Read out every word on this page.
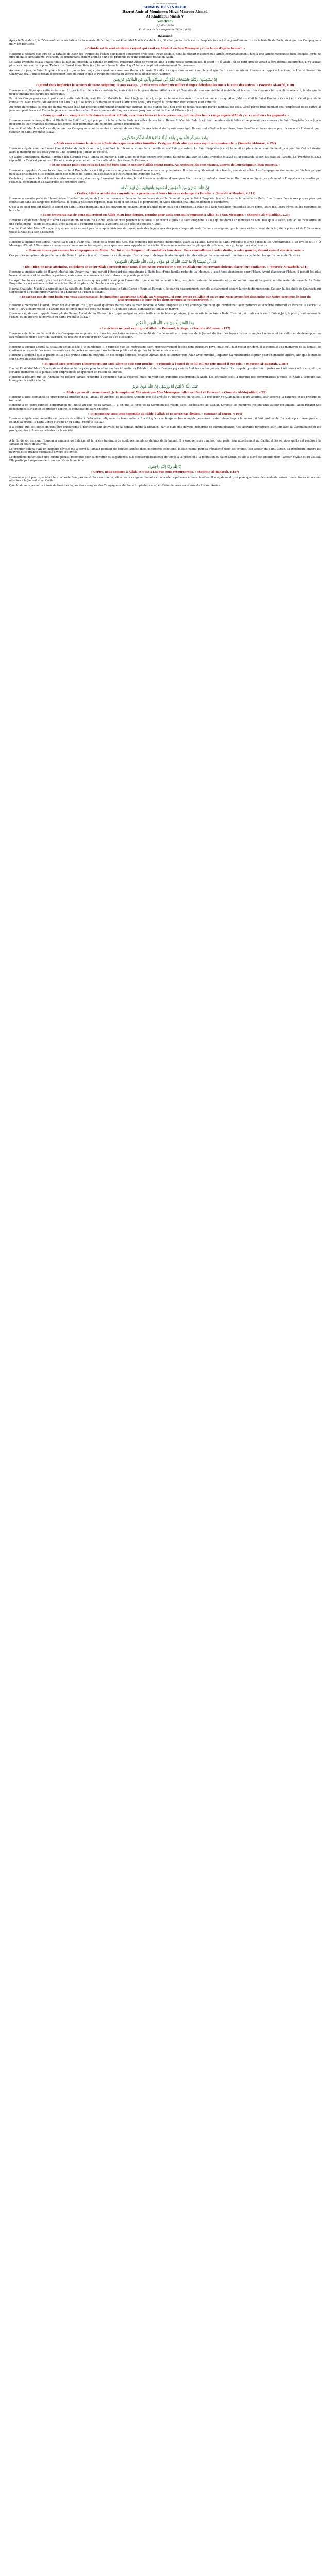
(à lire et/ou à méditer)
SERMON DE VENDREDI
Hazrat Amir ul Momineen Mirza Masroor Ahmad
Al Khalifatul Masih V
Vendredi
3 Juillet 2020
En direct de la mosquée de Tilford (UK)
Résumé

Après le Tashahhud, le Ta'awwudh et la récitation de la sourate Al-Fatiha, Hazrat Khalifatul Masih V a déclaré qu'il allait parler de la vie du Prophète (s.a.w.) et aujourd'hui encore de la bataille de Badr, ainsi que des Compagnons qui y ont participé.

« Celui-là est le seul véritable croyant qui croit en Allah et en Son Messager ; et en la vie d'après la mort. »

Houzour a déclaré que lors de la bataille de Badr, les troupes de l'Islam comptaient seulement trois cent treize soldats, dont la plupart n'étaient pas armés convenablement, face à une armée mecquoise bien équipée, forte de près de mille combattants. Pourtant, les musulmans étaient animés d'une foi profonde et d'une confiance totale en Allah.

Le Saint Prophète (s.a.w.) passa toute la nuit qui précéda la bataille en prières, implorant Allah de venir en aide à cette petite communauté. Il disait : « Ô Allah ! Si ce petit groupe venait à être détruit aujourd'hui, il n'y aurait plus personne sur terre pour T'adorer. » Hazrat Abou Bakr (r.a.) le consola en lui disant qu'Allah accomplirait certainement Sa promesse.

Au lever du jour, le Saint Prophète (s.a.w.) organisa les rangs des musulmans avec une flèche à la main. Il veilla à ce que chacun soit à sa place et que l'ordre soit maintenu. Houzour a rapporté l'incident de Hazrat Sawad bin Ghaziyyah (r.a.), qui se tenait légèrement hors du rang et que le Prophète toucha au ventre de sa flèche pour l'aligner.

إِذْ تَسْتَغِيثُونَ رَبَّكُمْ فَاسْتَجَابَ لَكُمْ أَنِّي مُمِدُّكُم بِأَلْفٍ مِّنَ الْمَلَائِكَةِ مُرْدِفِينَ
« Quand vous imploriez le secours de votre Seigneur, Il vous exauça : Je vais vous aider d'un millier d'anges déferlant les uns à la suite des autres. » (Sourate Al-Anfal, v.10)

Houzour a expliqué que cette victoire ne fut pas le fruit de la force matérielle, mais celui de la grâce divine. Allah a envoyé Son aide de manière visible et invisible, et le cœur des croyants fut rempli de sérénité, tandis que la peur s'empara des cœurs des mécréants.

Parmi les Compagnons ayant participé à cette bataille figurait Hazrat Mu'adh bin Amr bin Jamuh (r.a.), un jeune homme des Ansar. Il avait entendu dire qu'Abou Jahl insultait le Saint Prophète (s.a.w.) et il s'était juré de le combattre. Avec Hazrat Mu'awwidh bin Afra (r.a.), il se lança à l'attaque et réussit à atteindre Abou Jahl malgré la protection dont celui-ci était entouré.

Au cours du combat, le bras de Hazrat Mu'adh (r.a.) fut presque entièrement tranché par Ikrimah, le fils d'Abou Jahl. Son bras ne tenait plus que par un lambeau de peau. Gêné par ce bras pendant qui l'empêchait de se battre, il posa son pied dessus et l'arracha pour continuer le combat. Il vécut encore de longues années, jusqu'au califat de Hazrat Othman (r.a.).

« Ceux qui ont cru, émigré et lutté dans le sentier d'Allah, avec leurs biens et leurs personnes, ont les plus hauts rangs auprès d'Allah ; et ce sont eux les gagnants. »

Houzour a ensuite évoqué Hazrat Khallad bin Rafi' (r.a.), qui prit part à la bataille de Badr aux côtés de son frère Hazrat Rifa'ah bin Rafi' (r.a.). Leur monture était faible et ne pouvait pas avancer ; le Saint Prophète (s.a.w.) pria pour eux et leur chameau retrouva des forces, leur permettant de rejoindre l'armée musulmane.

Hazrat Khalifatul Masih V a souligné que ces Compagnons ont démontré un niveau de sacrifice, de sincérité et de loyauté sans égal. Ils ont tout offert — leurs biens, leurs familles et leurs vies — pour la cause de l'Islam et pour l'amour du Saint Prophète (s.a.w.).

وَلَقَدْ نَصَرَكُمُ اللَّهُ بِبَدْرٍ وَأَنتُمْ أَذِلَّةٌ فَاتَّقُوا اللَّهَ لَعَلَّكُمْ تَشْكُرُونَ
« Allah vous a donné la victoire à Badr alors que vous étiez humiliés. Craignez Allah afin que vous soyez reconnaissants. » (Sourate Al-Imran, v.124)

Houzour a également mentionné Hazrat Qatadah bin Nu'man (r.a.), dont l'œil fut blessé au cours de la bataille et sortit de son orbite. Le Saint Prophète (s.a.w.) le remit en place de sa main bénie et pria pour lui. Cet œil devint alors le meilleur de ses deux yeux et il ne souffrit plus jamais de ce côté.

Un autre Compagnon, Hazrat Harithah bin Suraqah (r.a.), tomba en martyr à Badr alors qu'il était encore très jeune. Sa mère vint voir le Saint Prophète (s.a.w.) et lui demanda si son fils était au Paradis. Le Prophète (s.a.w.) répondit : « Ce n'est pas un seul Paradis, mais plusieurs, et ton fils a atteint le plus élevé, le Firdaus. »

« Et ne pensez point que ceux qui ont été tués dans le sentier d'Allah soient morts. Au contraire, ils sont vivants, auprès de leur Seigneur, bien pourvus. »

Houzour a rappelé qu'après la victoire, le Saint Prophète (s.a.w.) fit preuve d'une grande bienveillance envers les prisonniers. Il ordonna qu'ils soient bien traités, nourris et vêtus. Les Compagnons donnaient parfois leur propre pain aux prisonniers et se contentaient eux-mêmes de dattes, en obéissance à l'instruction du Prophète (s.a.w.).

Certains prisonniers furent libérés contre une rançon ; d'autres, qui savaient lire et écrire, furent libérés à condition d'enseigner l'écriture à dix enfants musulmans. Houzour a souligné que cela montre l'importance accordée par l'Islam à l'éducation et au savoir dès ses premiers jours.

إِنَّ اللَّهَ اشْتَرَىٰ مِنَ الْمُؤْمِنِينَ أَنفُسَهُمْ وَأَمْوَالَهُم بِأَنَّ لَهُمُ الْجَنَّةَ
« Certes, Allah a acheté des croyants leurs personnes et leurs biens en échange du Paradis. » (Sourate At-Tawbah, v.111)

Houzour a ensuite parlé de Hazrat Abou Ubaidah bin al-Jarrah (r.a.), surnommé « l'homme de confiance de cette Oummah » par le Saint Prophète (s.a.w.). Lors de la bataille de Badr, il se trouva face à son propre père qui combattait dans les rangs des mécréants. Il l'évita à plusieurs reprises, mais celui-ci continua à le poursuivre, et Abou Ubaidah (r.a.) dut finalement le combattre.

C'est à ce sujet que fut révélé le verset du Saint Coran indiquant que les croyants ne peuvent avoir d'amitié pour ceux qui s'opposent à Allah et à Son Messager, fussent-ils leurs pères, leurs fils, leurs frères ou les membres de leur clan.

« Tu ne trouveras pas de gens qui croient en Allah et au Jour dernier, prendre pour amis ceux qui s'opposent à Allah et à Son Messager. » (Sourate Al-Mujadilah, v.23)

Houzour a également évoqué Hazrat Ukkashah bin Mihsan (r.a.), dont l'épée se brisa pendant la bataille. Il se rendit auprès du Saint Prophète (s.a.w.) qui lui donna un morceau de bois. Dès qu'il le saisit, celui-ci se transforma en une épée longue, solide et brillante, avec laquelle il combattit jusqu'à la victoire. Cette épée fut appelée Al-Aun.

Hazrat Khalifatul Masih V a ajouté que ces récits ne sont pas de simples histoires du passé, mais des leçons vivantes pour chaque Ahmadi. Ils nous enseignent que la vraie victoire vient de la foi, de la prière et de l'obéissance totale à Allah et à Son Messager.

Houzour a ensuite mentionné Hazrat Sa'd bin Mu'adh (r.a.), chef de la tribu des Aws, qui prononça des paroles mémorables avant la bataille. Lorsque le Saint Prophète (s.a.w.) consulta les Compagnons, il se leva et dit : « Ô Messager d'Allah ! Nous avons cru en vous et nous avons témoigné que ce que vous avez apporté est la vérité. Si vous nous ordonnez de plonger dans la mer, nous y plongerons avec vous. »

« Nous ne dirons pas comme les compagnons de Moïse : Va, toi et ton Seigneur, et combattez tous deux. Nous combattrons à votre droite, à votre gauche, devant vous et derrière vous. »

Ces paroles remplirent de joie le cœur du Saint Prophète (s.a.w.). Houzour a expliqué que c'est cet esprit de loyauté absolue qui a fait de cette petite communauté une force capable de changer le cours de l'histoire.

قُل لَّن يُصِيبَنَا إِلَّا مَا كَتَبَ اللَّهُ لَنَا هُوَ مَوْلَانَا وَعَلَى اللَّهِ فَلْيَتَوَكَّلِ الْمُؤْمِنُونَ
« Dis : Rien ne nous atteindra, en dehors de ce qu'Allah a prescrit pour nous. Il est notre Protecteur. C'est en Allah que les croyants doivent placer leur confiance. » (Sourate At-Tawbah, v.51)

Houzour a ensuite parlé de Hazrat Mus'ab bin Umair (r.a.), qui portait l'étendard des musulmans à Badr. Issu d'une famille riche de La Mecque, il avait tout abandonné pour l'Islam. Avant d'accepter l'Islam, il portait les plus beaux vêtements et les meilleurs parfums, mais après sa conversion il vécut dans une grande pauvreté.

Lorsqu'il tomba en martyr plus tard à Ouhoud, on ne trouva qu'un petit linceul pour l'ensevelir : quand on lui couvrait la tête, ses pieds restaient découverts, et quand on lui couvrait les pieds, sa tête restait découverte. Le Saint Prophète (s.a.w.) ordonna de lui couvrir la tête et de placer de l'herbe sur ses pieds.

Hazrat Khalifatul Masih V a rappelé que la bataille de Badr a été appelée dans le Saint Coran « Yaum al-Furqan », le jour du discernement, car elle a clairement séparé la vérité du mensonge. Ce jour-là, les chefs de Qouraich qui s'opposaient à l'Islam furent vaincus, et l'honneur de l'Islam fut établi.

« Et sachez que de tout butin que vous avez ramassé, le cinquième appartient à Allah, au Messager... si vous croyez en Allah et en ce que Nous avons fait descendre sur Notre serviteur, le jour du Discernement : le jour où les deux groupes se rencontrèrent. »

Houzour a mentionné Hazrat Umair bin Al-Humam (r.a.), qui avait quelques dattes dans la main lorsque le Saint Prophète (s.a.w.) annonça que celui qui combattrait avec patience et sincérité entrerait au Paradis. Il s'écria : « Quoi ! Il n'y a entre moi et le Paradis que le temps que ces gens me tuent ? » Il jeta les dattes, combattit et tomba en martyr.

Houzour a également rappelé l'exemple de Hazrat Abdullah bin Mas'oud (r.a.), qui, malgré sa petite taille et sa faiblesse physique, joua un rôle important à Badr. C'est lui qui confirma la mort d'Abou Jahl, le plus grand ennemi de l'Islam, et en apporta la nouvelle au Saint Prophète (s.a.w.).

وَمَا النَّصْرُ إِلَّا مِنْ عِندِ اللَّهِ الْعَزِيزِ الْحَكِيمِ
« La victoire ne peut venir que d'Allah, le Puissant, le Sage. » (Sourate Al-Imran, v.127)

Houzour a déclaré que le récit de ces Compagnons se poursuivra dans les prochains sermons, Incha-Allah. Il a demandé aux membres de la Jamaat de tirer des leçons de ces exemples lumineux et de s'efforcer de développer en eux-mêmes le même esprit de sacrifice, de loyauté et d'amour pour Allah et Son Messager.

Houzour a ensuite abordé la situation actuelle liée à la pandémie. Il a rappelé que les restrictions sont progressivement levées dans plusieurs pays, mais qu'il faut rester prudent. Il a conseillé aux membres de la Jamaat de continuer à respecter les mesures sanitaires, de porter un masque dans les lieux publics et de garder la distance nécessaire.

Houzour a souligné que la prière est la plus grande arme du croyant. En ces temps difficiles, chaque Ahmadi doit se tourner vers Allah avec humilité, implorer Sa miséricorde et prier pour l'humanité entière, afin que le monde soit délivré de cette épidémie.

« Et quand Mes serviteurs t'interrogent sur Moi, alors Je suis tout proche : Je réponds à l'appel de celui qui Me prie quand il Me prie. » (Sourate Al-Baqarah, v.187)

Hazrat Khalifatul Masih V a également demandé de prier pour la situation des Ahmadis au Pakistan et dans d'autres pays où ils font face à des persécutions. Il a rappelé que des lois injustes sont utilisées contre eux, et que certains membres de la Jamaat sont emprisonnés uniquement en raison de leur foi.

Houzour a déclaré que les Ahmadis ne doivent jamais répondre à l'injustice par la violence, mais doivent s'en remettre entièrement à Allah. Les épreuves sont la marque des communautés divines, et Allah a toujours fait triompher la vérité à la fin.

كَتَبَ اللَّهُ لَأَغْلِبَنَّ أَنَا وَرُسُلِي إِنَّ اللَّهَ قَوِيٌّ عَزِيزٌ
« Allah a prescrit : Assurément, Je triompherai, Moi ainsi que Mes Messagers. Allah est Fort et Puissant. » (Sourate Al-Mujadilah, v.22)

Houzour a aussi demandé de prier pour la situation de la Jamaat en Algérie, où plusieurs Ahmadis ont été arrêtés et poursuivis en justice. Il a prié pour qu'Allah facilite leurs affaires, leur accorde la patience et les protège de tout mal.

Houzour a en outre rappelé l'importance de l'unité au sein de la Jamaat. Il a dit que la force de la Communauté réside dans l'obéissance au Califat. Lorsque les membres restent unis autour du Khalifa, Allah répand Ses bénédictions sur eux et les protège contre les complots de leurs ennemis.

« Et accrochez-vous tous ensemble au câble d'Allah et ne soyez pas divisés. » (Sourate Al-Imran, v.104)

Houzour a également conseillé aux parents de veiller à l'éducation religieuse de leurs enfants. Il a dit qu'en ces temps où beaucoup de personnes restent davantage à la maison, il faut profiter de l'occasion pour enseigner aux enfants la prière, le Saint Coran et l'amour du Saint Prophète (s.a.w.).

Il a ajouté que les jeunes doivent être encouragés à participer aux activités de la Jamaat, même à distance, par le biais des moyens modernes de communication. Ces activités renforcent leur lien avec la Communauté et les protègent des influences néfastes de la société.

À la fin de son sermon, Houzour a annoncé qu'il dirigerait la prière funéraire de quelques membres défunts de la Jamaat. Il a évoqué leurs qualités, leur piété, leur attachement au Califat et les services qu'ils ont rendus à la Jamaat au cours de leur vie.

Le premier défunt était un membre dévoué qui a servi la Jamaat pendant de longues années dans différentes fonctions. Il était connu pour sa régularité dans les prières, son amour du Saint Coran, sa générosité envers les pauvres et sa grande hospitalité envers les invités.

Le deuxième défunt était une femme pieuse, reconnue pour sa dévotion et sa patience. Elle consacrait beaucoup de temps à la prière et à la récitation du Saint Coran, et elle a élevé ses enfants dans l'amour d'Allah et du Califat. Elle participait régulièrement aux sacrifices financiers.

إِنَّا لِلَّهِ وَإِنَّا إِلَيْهِ رَاجِعُونَ
« Certes, nous sommes à Allah, et c'est à Lui que nous retournerons. » (Sourate Al-Baqarah, v.157)

Houzour a prié pour que Allah leur accorde Son pardon et Sa miséricorde, élève leurs rangs au Paradis et accorde la patience à leurs familles. Il a également prié pour que leurs descendants suivent leurs traces et restent attachés à la Jamaat et au Califat.

Que Allah nous permette à tous de tirer des leçons des exemples des Compagnons du Saint Prophète (s.a.w.) et d'être de vrais serviteurs de l'Islam. Amine.
